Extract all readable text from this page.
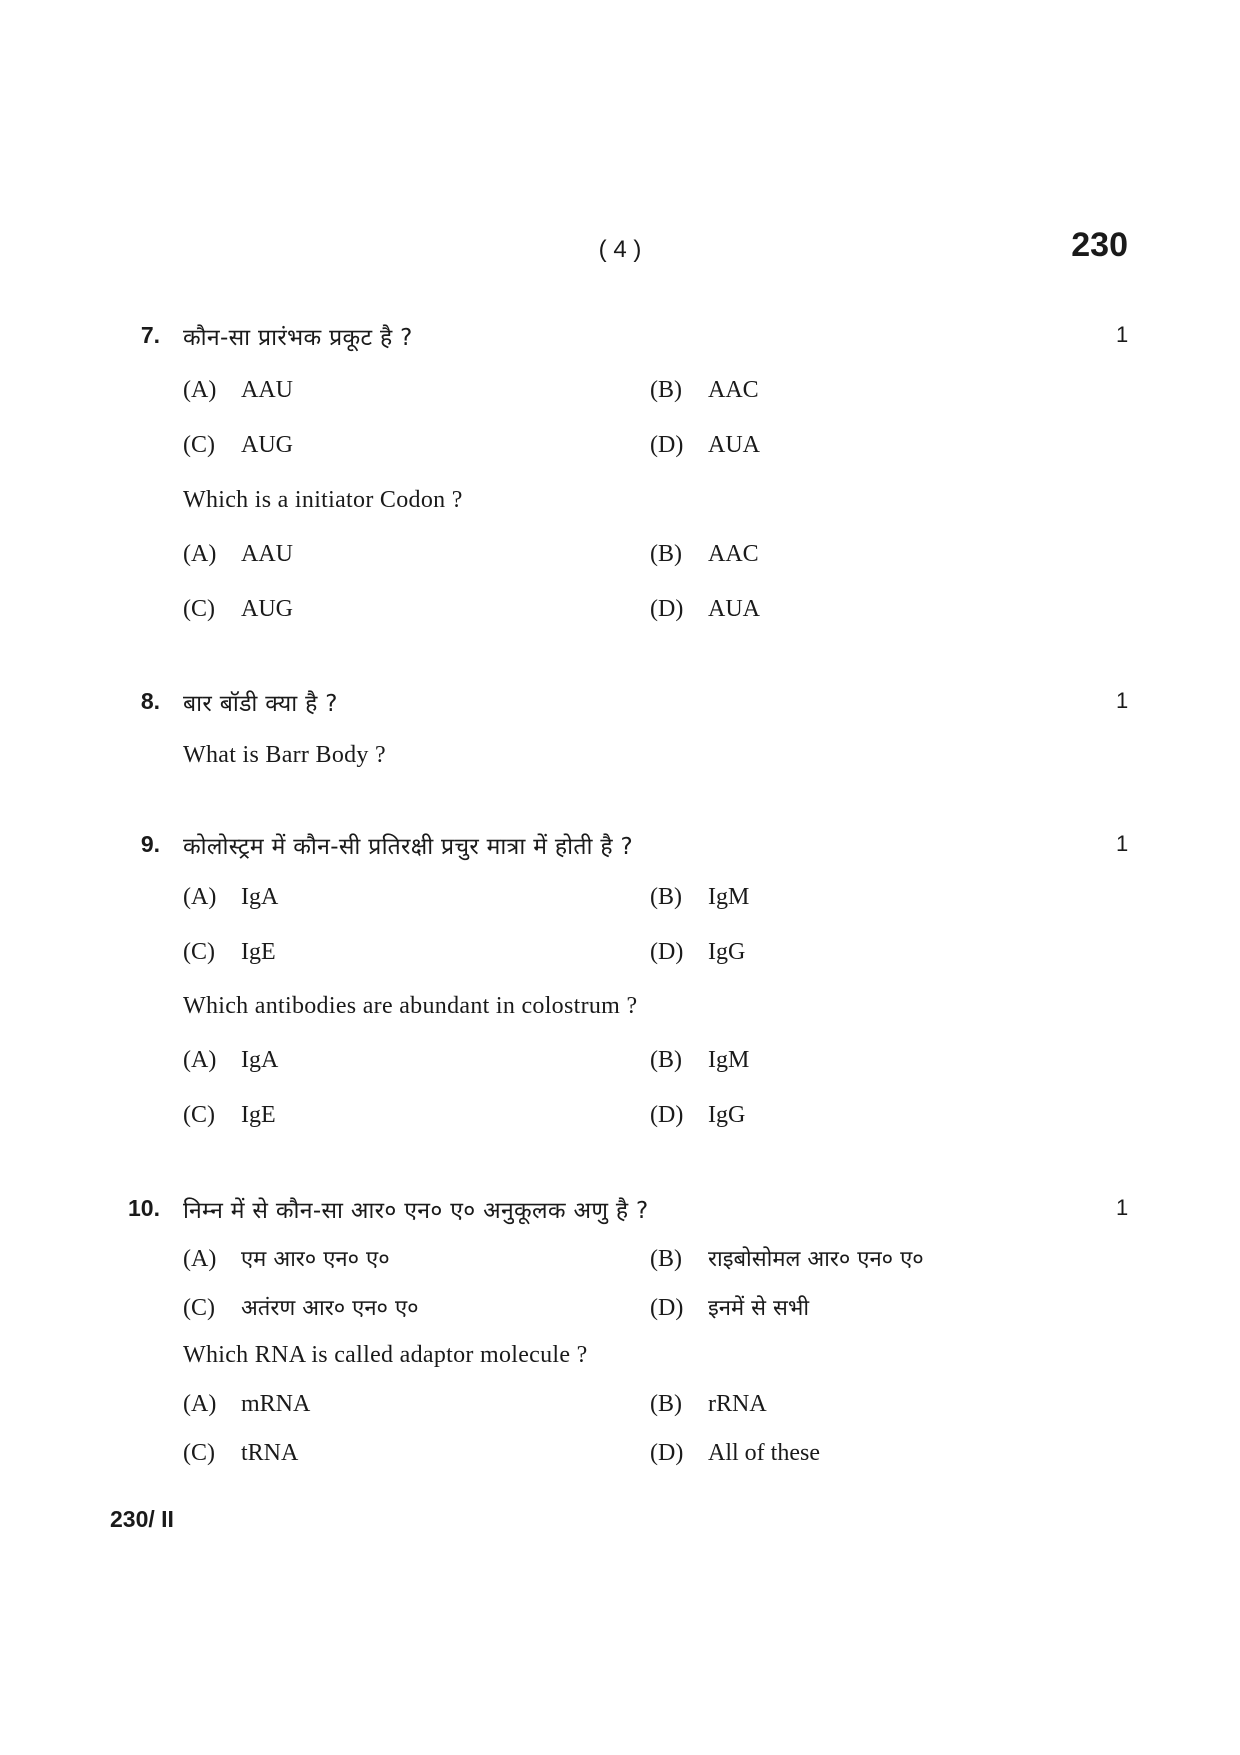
( 4 )	230
7. कौन-सा प्रारंभक प्रकूट है ?	1
(A) AAU	(B) AAC
(C) AUG	(D) AUA
Which is a initiator Codon ?
(A) AAU	(B) AAC
(C) AUG	(D) AUA
8. बार बॉडी क्या है ?	1
What is Barr Body ?
9. कोलोस्ट्रम में कौन-सी प्रतिरक्षी प्रचुर मात्रा में होती है ?	1
(A) IgA	(B) IgM
(C) IgE	(D) IgG
Which antibodies are abundant in colostrum ?
(A) IgA	(B) IgM
(C) IgE	(D) IgG
10. निम्न में से कौन-सा आर० एन० ए० अनुकूलक अणु है ?	1
(A) एम आर० एन० ए०	(B) राइबोसोमल आर० एन० ए०
(C) अतंरण आर० एन० ए०	(D) इनमें से सभी
Which RNA is called adaptor molecule ?
(A) mRNA	(B) rRNA
(C) tRNA	(D) All of these
230/ II
